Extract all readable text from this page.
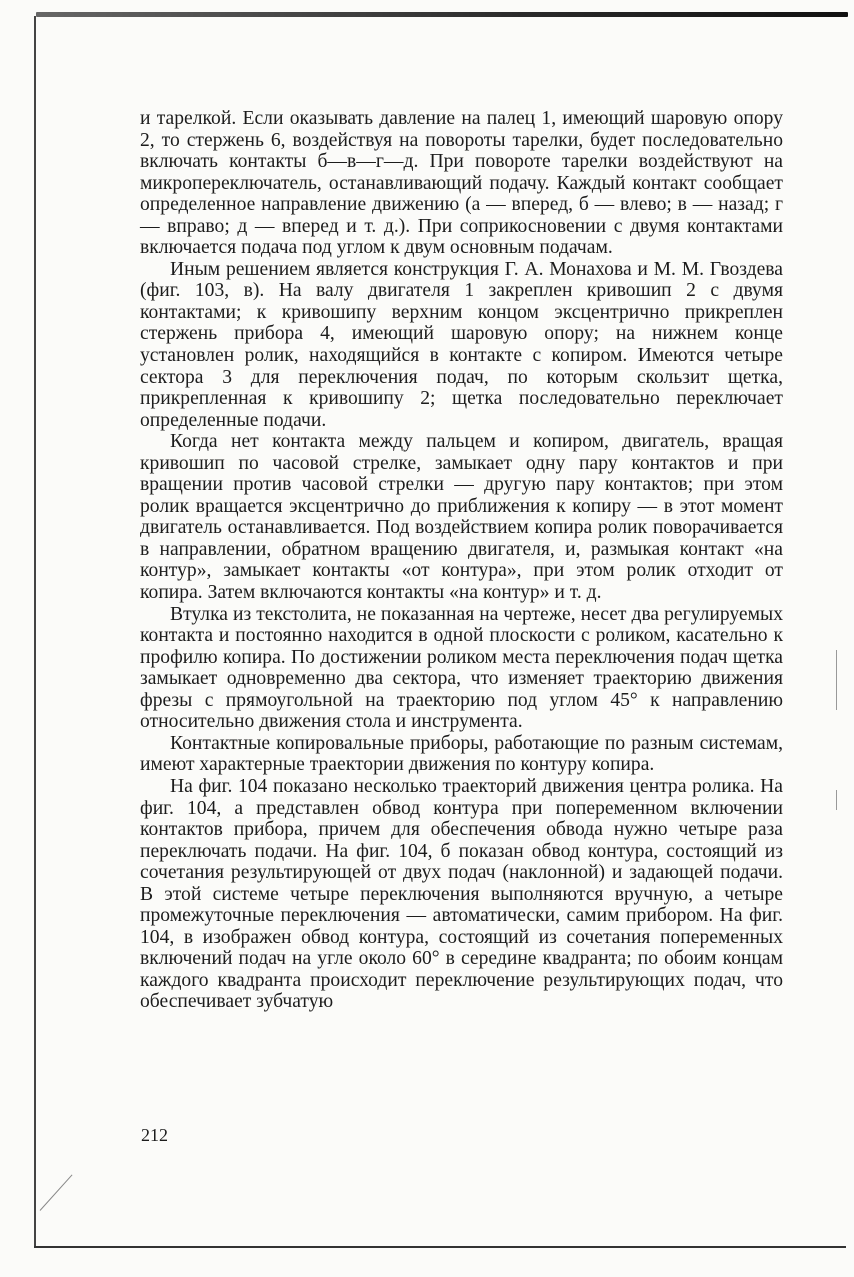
и тарелкой. Если оказывать давление на палец 1, имеющий шаровую опору 2, то стержень 6, воздействуя на повороты тарелки, будет последовательно включать контакты б—в—г—д. При повороте тарелки воздействуют на микропереключатель, останавливающий подачу. Каждый контакт сообщает определенное направление движению (а — вперед, б — влево; в — назад; г — вправо; д — вперед и т. д.). При соприкосновении с двумя контактами включается подача под углом к двум основным подачам.

Иным решением является конструкция Г. А. Монахова и М. М. Гвоздева (фиг. 103, в). На валу двигателя 1 закреплен кривошип 2 с двумя контактами; к кривошипу верхним концом эксцентрично прикреплен стержень прибора 4, имеющий шаровую опору; на нижнем конце установлен ролик, находящийся в контакте с копиром. Имеются четыре сектора 3 для переключения подач, по которым скользит щетка, прикрепленная к кривошипу 2; щетка последовательно переключает определенные подачи.

Когда нет контакта между пальцем и копиром, двигатель, вращая кривошип по часовой стрелке, замыкает одну пару контактов и при вращении против часовой стрелки — другую пару контактов; при этом ролик вращается эксцентрично до приближения к копиру — в этот момент двигатель останавливается. Под воздействием копира ролик поворачивается в направлении, обратном вращению двигателя, и, размыкая контакт «на контур», замыкает контакты «от контура», при этом ролик отходит от копира. Затем включаются контакты «на контур» и т. д.

Втулка из текстолита, не показанная на чертеже, несет два регулируемых контакта и постоянно находится в одной плоскости с роликом, касательно к профилю копира. По достижении роликом места переключения подач щетка замыкает одновременно два сектора, что изменяет траекторию движения фрезы с прямоугольной на траекторию под углом 45° к направлению относительно движения стола и инструмента.

Контактные копировальные приборы, работающие по разным системам, имеют характерные траектории движения по контуру копира.

На фиг. 104 показано несколько траекторий движения центра ролика. На фиг. 104, а представлен обвод контура при попеременном включении контактов прибора, причем для обеспечения обвода нужно четыре раза переключать подачи. На фиг. 104, б показан обвод контура, состоящий из сочетания результирующей от двух подач (наклонной) и задающей подачи. В этой системе четыре переключения выполняются вручную, а четыре промежуточные переключения — автоматически, самим прибором. На фиг. 104, в изображен обвод контура, состоящий из сочетания попеременных включений подач на угле около 60° в середине квадранта; по обоим концам каждого квадранта происходит переключение результирующих подач, что обеспечивает зубчатую

212
